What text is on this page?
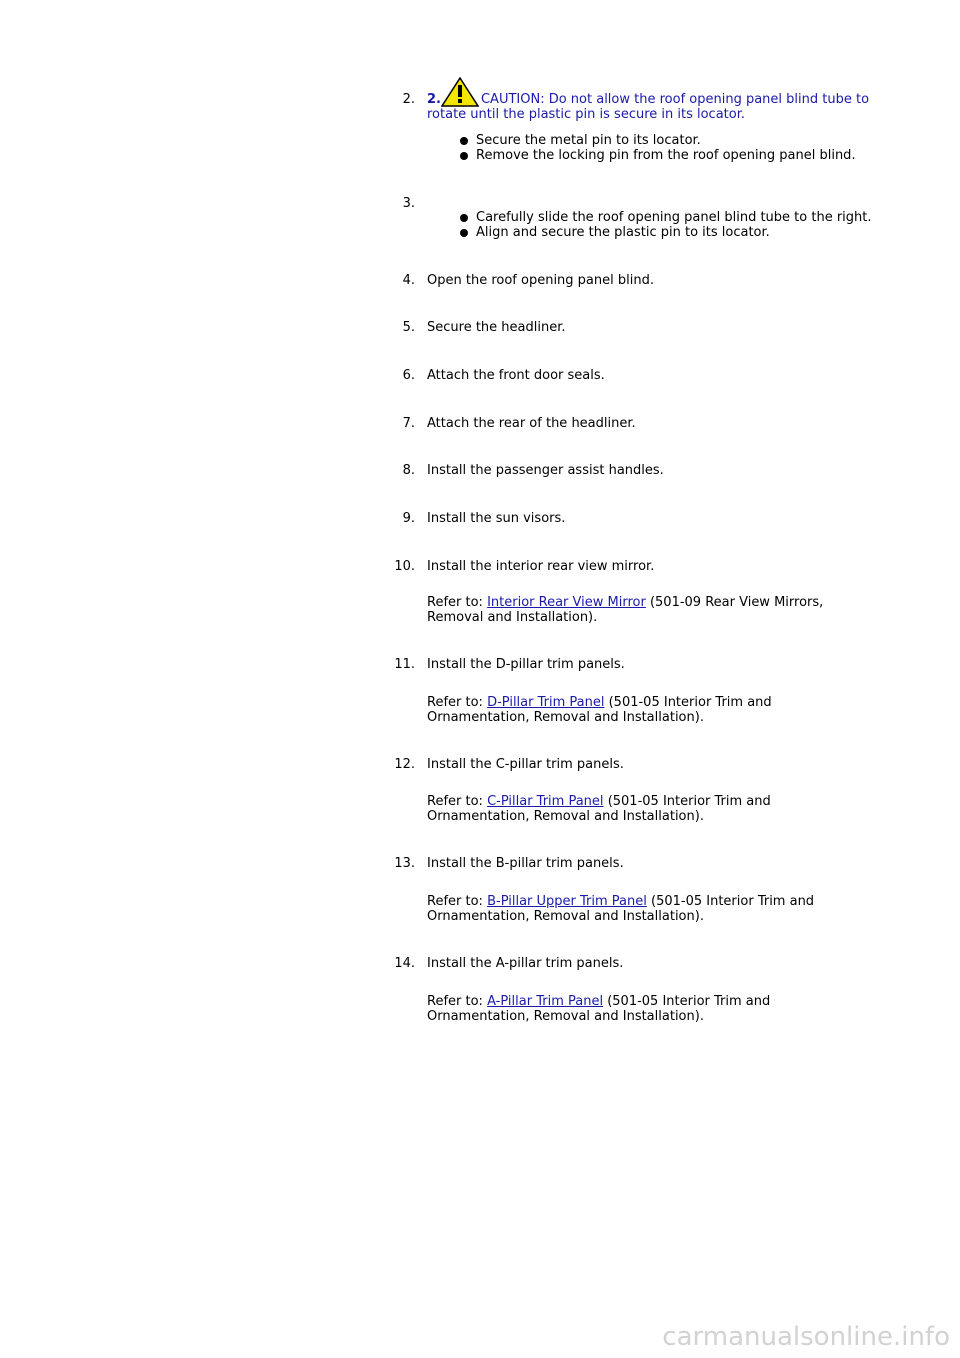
2. 2.	CAUTION: Do not allow the roof opening panel blind tube to rotate until the plastic pin is secure in its locator.
Secure the metal pin to its locator.
Remove the locking pin from the roof opening panel blind.
3.
Carefully slide the roof opening panel blind tube to the right.
Align and secure the plastic pin to its locator.
4. Open the roof opening panel blind.
5. Secure the headliner.
6. Attach the front door seals.
7. Attach the rear of the headliner.
8. Install the passenger assist handles.
9. Install the sun visors.
10. Install the interior rear view mirror.
Refer to: Interior Rear View Mirror (501-09 Rear View Mirrors, Removal and Installation).
11. Install the D-pillar trim panels.
Refer to: D-Pillar Trim Panel (501-05 Interior Trim and Ornamentation, Removal and Installation).
12. Install the C-pillar trim panels.
Refer to: C-Pillar Trim Panel (501-05 Interior Trim and Ornamentation, Removal and Installation).
13. Install the B-pillar trim panels.
Refer to: B-Pillar Upper Trim Panel (501-05 Interior Trim and Ornamentation, Removal and Installation).
14. Install the A-pillar trim panels.
Refer to: A-Pillar Trim Panel (501-05 Interior Trim and Ornamentation, Removal and Installation).
carmanualsonline.info
